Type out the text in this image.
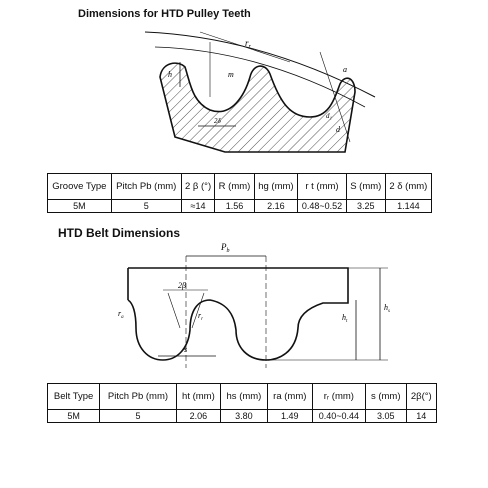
Dimensions for HTD Pulley Teeth
$r_r$
a
d
m
h
2δ
d₁
Groove Type	Pitch Pb (mm)	2 β (°)	R (mm)	hg (mm)	r t (mm)	S (mm)	2 δ (mm)
5M	5	≈14	1.56	2.16	0.48~0.52	3.25	1.144
HTD Belt Dimensions
$P_b$
2β
$r_a$	$r_r$	$h_t$
$h_s$
s
Belt Type	Pitch Pb (mm)	ht (mm)	hs (mm)	ra (mm)	rᵣ (mm)	s (mm)	2β(°)
5M	5	2.06	3.80	1.49	0.40~0.44	3.05	14
